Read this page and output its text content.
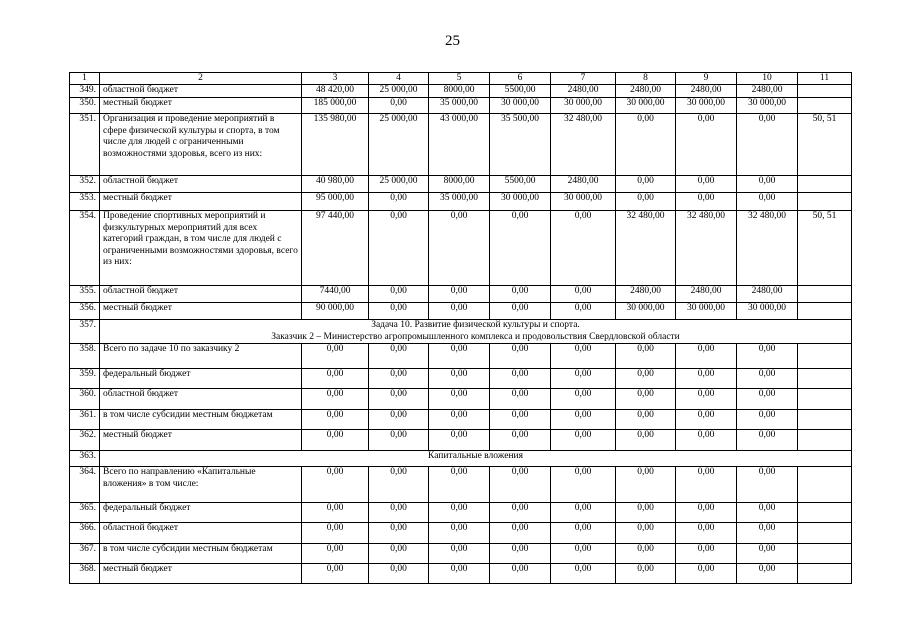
25
1	2	3	4	5	6	7	8	9	10	11
349.	областной бюджет	48 420,00	25 000,00	8000,00	5500,00	2480,00	2480,00	2480,00	2480,00	
350.	местный бюджет	185 000,00	0,00	35 000,00	30 000,00	30 000,00	30 000,00	30 000,00	30 000,00	
351.	Организация и проведение мероприятий в сфере физической культуры и спорта, в том числе для людей с ограниченными возможностями здоровья, всего из них:	135 980,00	25 000,00	43 000,00	35 500,00	32 480,00	0,00	0,00	0,00	50, 51
352.	областной бюджет	40 980,00	25 000,00	8000,00	5500,00	2480,00	0,00	0,00	0,00	
353.	местный бюджет	95 000,00	0,00	35 000,00	30 000,00	30 000,00	0,00	0,00	0,00	
354.	Проведение спортивных мероприятий и физкультурных мероприятий для всех категорий граждан, в том числе для людей с ограниченными возможностями здоровья, всего из них:	97 440,00	0,00	0,00	0,00	0,00	32 480,00	32 480,00	32 480,00	50, 51
355.	областной бюджет	7440,00	0,00	0,00	0,00	0,00	2480,00	2480,00	2480,00	
356.	местный бюджет	90 000,00	0,00	0,00	0,00	0,00	30 000,00	30 000,00	30 000,00	
357.	Задача 10. Развитие физической культуры и спорта.
Заказчик 2 – Министерство агропромышленного комплекса и продовольствия Свердловской области									

358.	Всего по задаче 10 по заказчику 2	0,00	0,00	0,00	0,00	0,00	0,00	0,00	0,00	
359.	федеральный бюджет	0,00	0,00	0,00	0,00	0,00	0,00	0,00	0,00	
360.	областной бюджет	0,00	0,00	0,00	0,00	0,00	0,00	0,00	0,00	
361.	в том числе субсидии местным бюджетам	0,00	0,00	0,00	0,00	0,00	0,00	0,00	0,00	
362.	местный бюджет	0,00	0,00	0,00	0,00	0,00	0,00	0,00	0,00	
363.	Капитальные вложения									

364.	Всего по направлению «Капитальные вложения» в том числе:	0,00	0,00	0,00	0,00	0,00	0,00	0,00	0,00	
365.	федеральный бюджет	0,00	0,00	0,00	0,00	0,00	0,00	0,00	0,00	
366.	областной бюджет	0,00	0,00	0,00	0,00	0,00	0,00	0,00	0,00	
367.	в том числе субсидии местным бюджетам	0,00	0,00	0,00	0,00	0,00	0,00	0,00	0,00	
368.	местный бюджет	0,00	0,00	0,00	0,00	0,00	0,00	0,00	0,00	
